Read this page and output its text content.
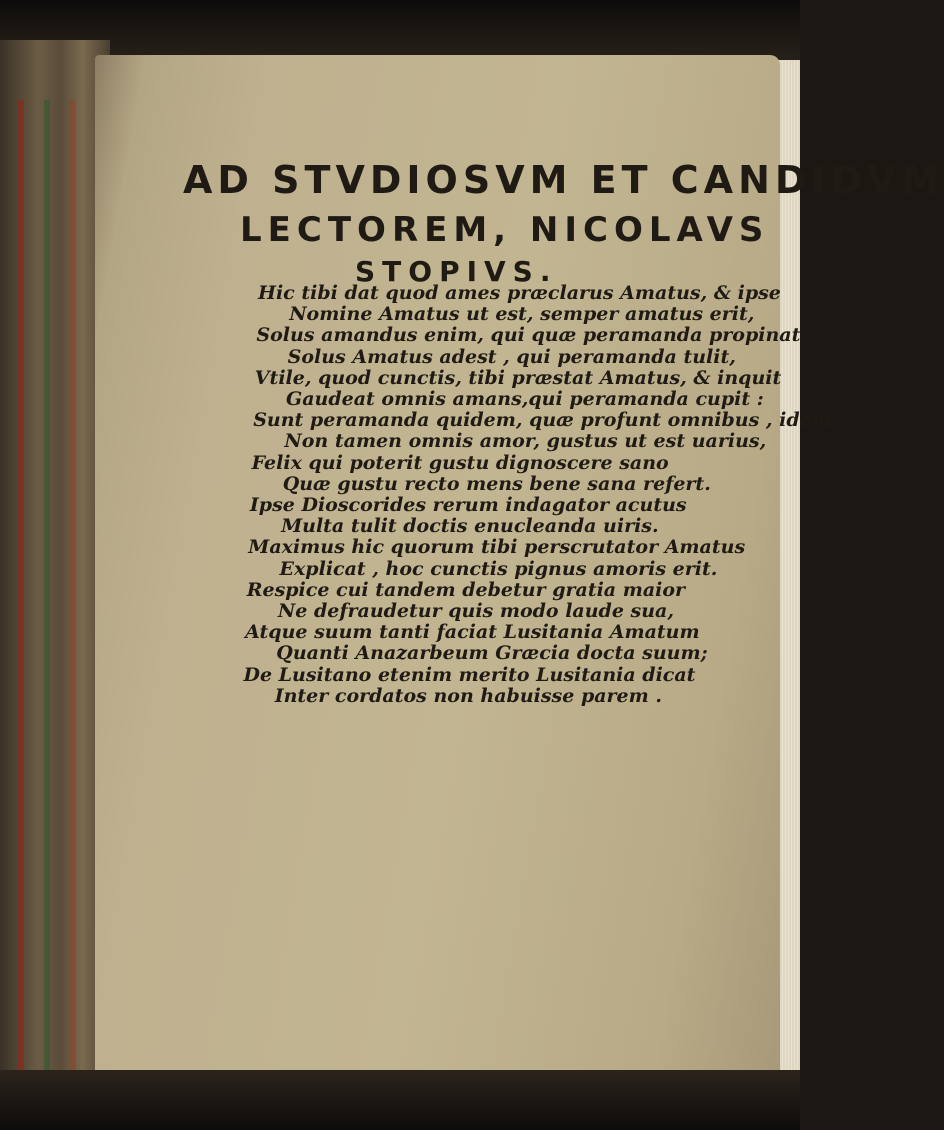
AD STVDIOSVM ET CANDIDVM
LECTOREM, NICOLAVS
STOPIVS.
Hic tibi dat quod ames præclarus Amatus, & ipse
Nomine Amatus ut est, semper amatus erit,
Solus amandus enim, qui quæ peramanda propinat
Solus Amatus adest , qui peramanda tulit,
Vtile, quod cunctis, tibi præstat Amatus, & inquit
Gaudeat omnis amans,qui peramanda cupit :
Sunt peramanda quidem, quæ profunt omnibus , idem
Non tamen omnis amor, gustus ut est uarius,
Felix qui poterit gustu dignoscere sano
Quæ gustu recto mens bene sana refert.
Ipse Dioscorides rerum indagator acutus
Multa tulit doctis enucleanda uiris.
Maximus hic quorum tibi perscrutator Amatus
Explicat , hoc cunctis pignus amoris erit.
Respice cui tandem debetur gratia maior
Ne defraudetur quis modo laude sua,
Atque suum tanti faciat Lusitania Amatum
Quanti Anazarbeum Græcia docta suum;
De Lusitano etenim merito Lusitania dicat
Inter cordatos non habuisse parem .
